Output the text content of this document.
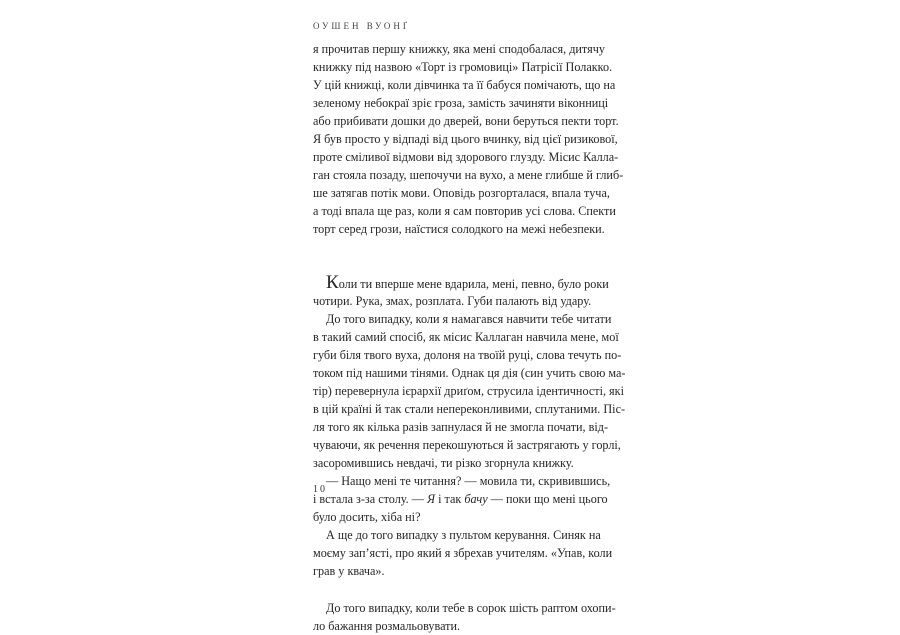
ОУШЕН ВУОНҐ
я прочитав першу книжку, яка мені сподобалася, дитячу
книжку під назвою «Торт із громовиці» Патрісії Полакко.
У цій книжці, коли дівчинка та її бабуся помічають, що на
зеленому небокраї зріє гроза, замість зачиняти віконниці
або прибивати дошки до дверей, вони беруться пекти торт.
Я був просто у відпаді від цього вчинку, від цієї ризикової,
проте сміливої відмови від здорового глузду. Місис Калла-
ган стояла позаду, шепочучи на вухо, а мене глибше й глиб-
ше затягав потік мови. Оповідь розгорталася, впала туча,
а тоді впала ще раз, коли я сам повторив усі слова. Спекти
торт серед грози, наїстися солодкого на межі небезпеки.
Коли ти вперше мене вдарила, мені, певно, було роки
чотири. Рука, змах, розплата. Губи палають від удару.
До того випадку, коли я намагався навчити тебе читати
в такий самий спосіб, як місис Каллаган навчила мене, мої
губи біля твого вуха, долоня на твоїй руці, слова течуть по-
током під нашими тінями. Однак ця дія (син учить свою ма-
тір) перевернула ієрархії дриґом, струсила ідентичності, які
в цій країні й так стали непереконливими, сплутаними. Піс-
ля того як кілька разів запнулася й не змогла почати, від-
чуваючи, як речення перекошуються й застрягають у горлі,
засоромившись невдачі, ти різко згорнула книжку.
— Нащо мені те читання? — мовила ти, скривившись,
і встала з-за столу. — Я і так бачу — поки що мені цього
було досить, хіба ні?
А ще до того випадку з пультом керування. Синяк на
моєму зап’ясті, про який я збрехав учителям. «Упав, коли
грав у квача».
До того випадку, коли тебе в сорок шість раптом охопи-
ло бажання розмальовувати.
10
